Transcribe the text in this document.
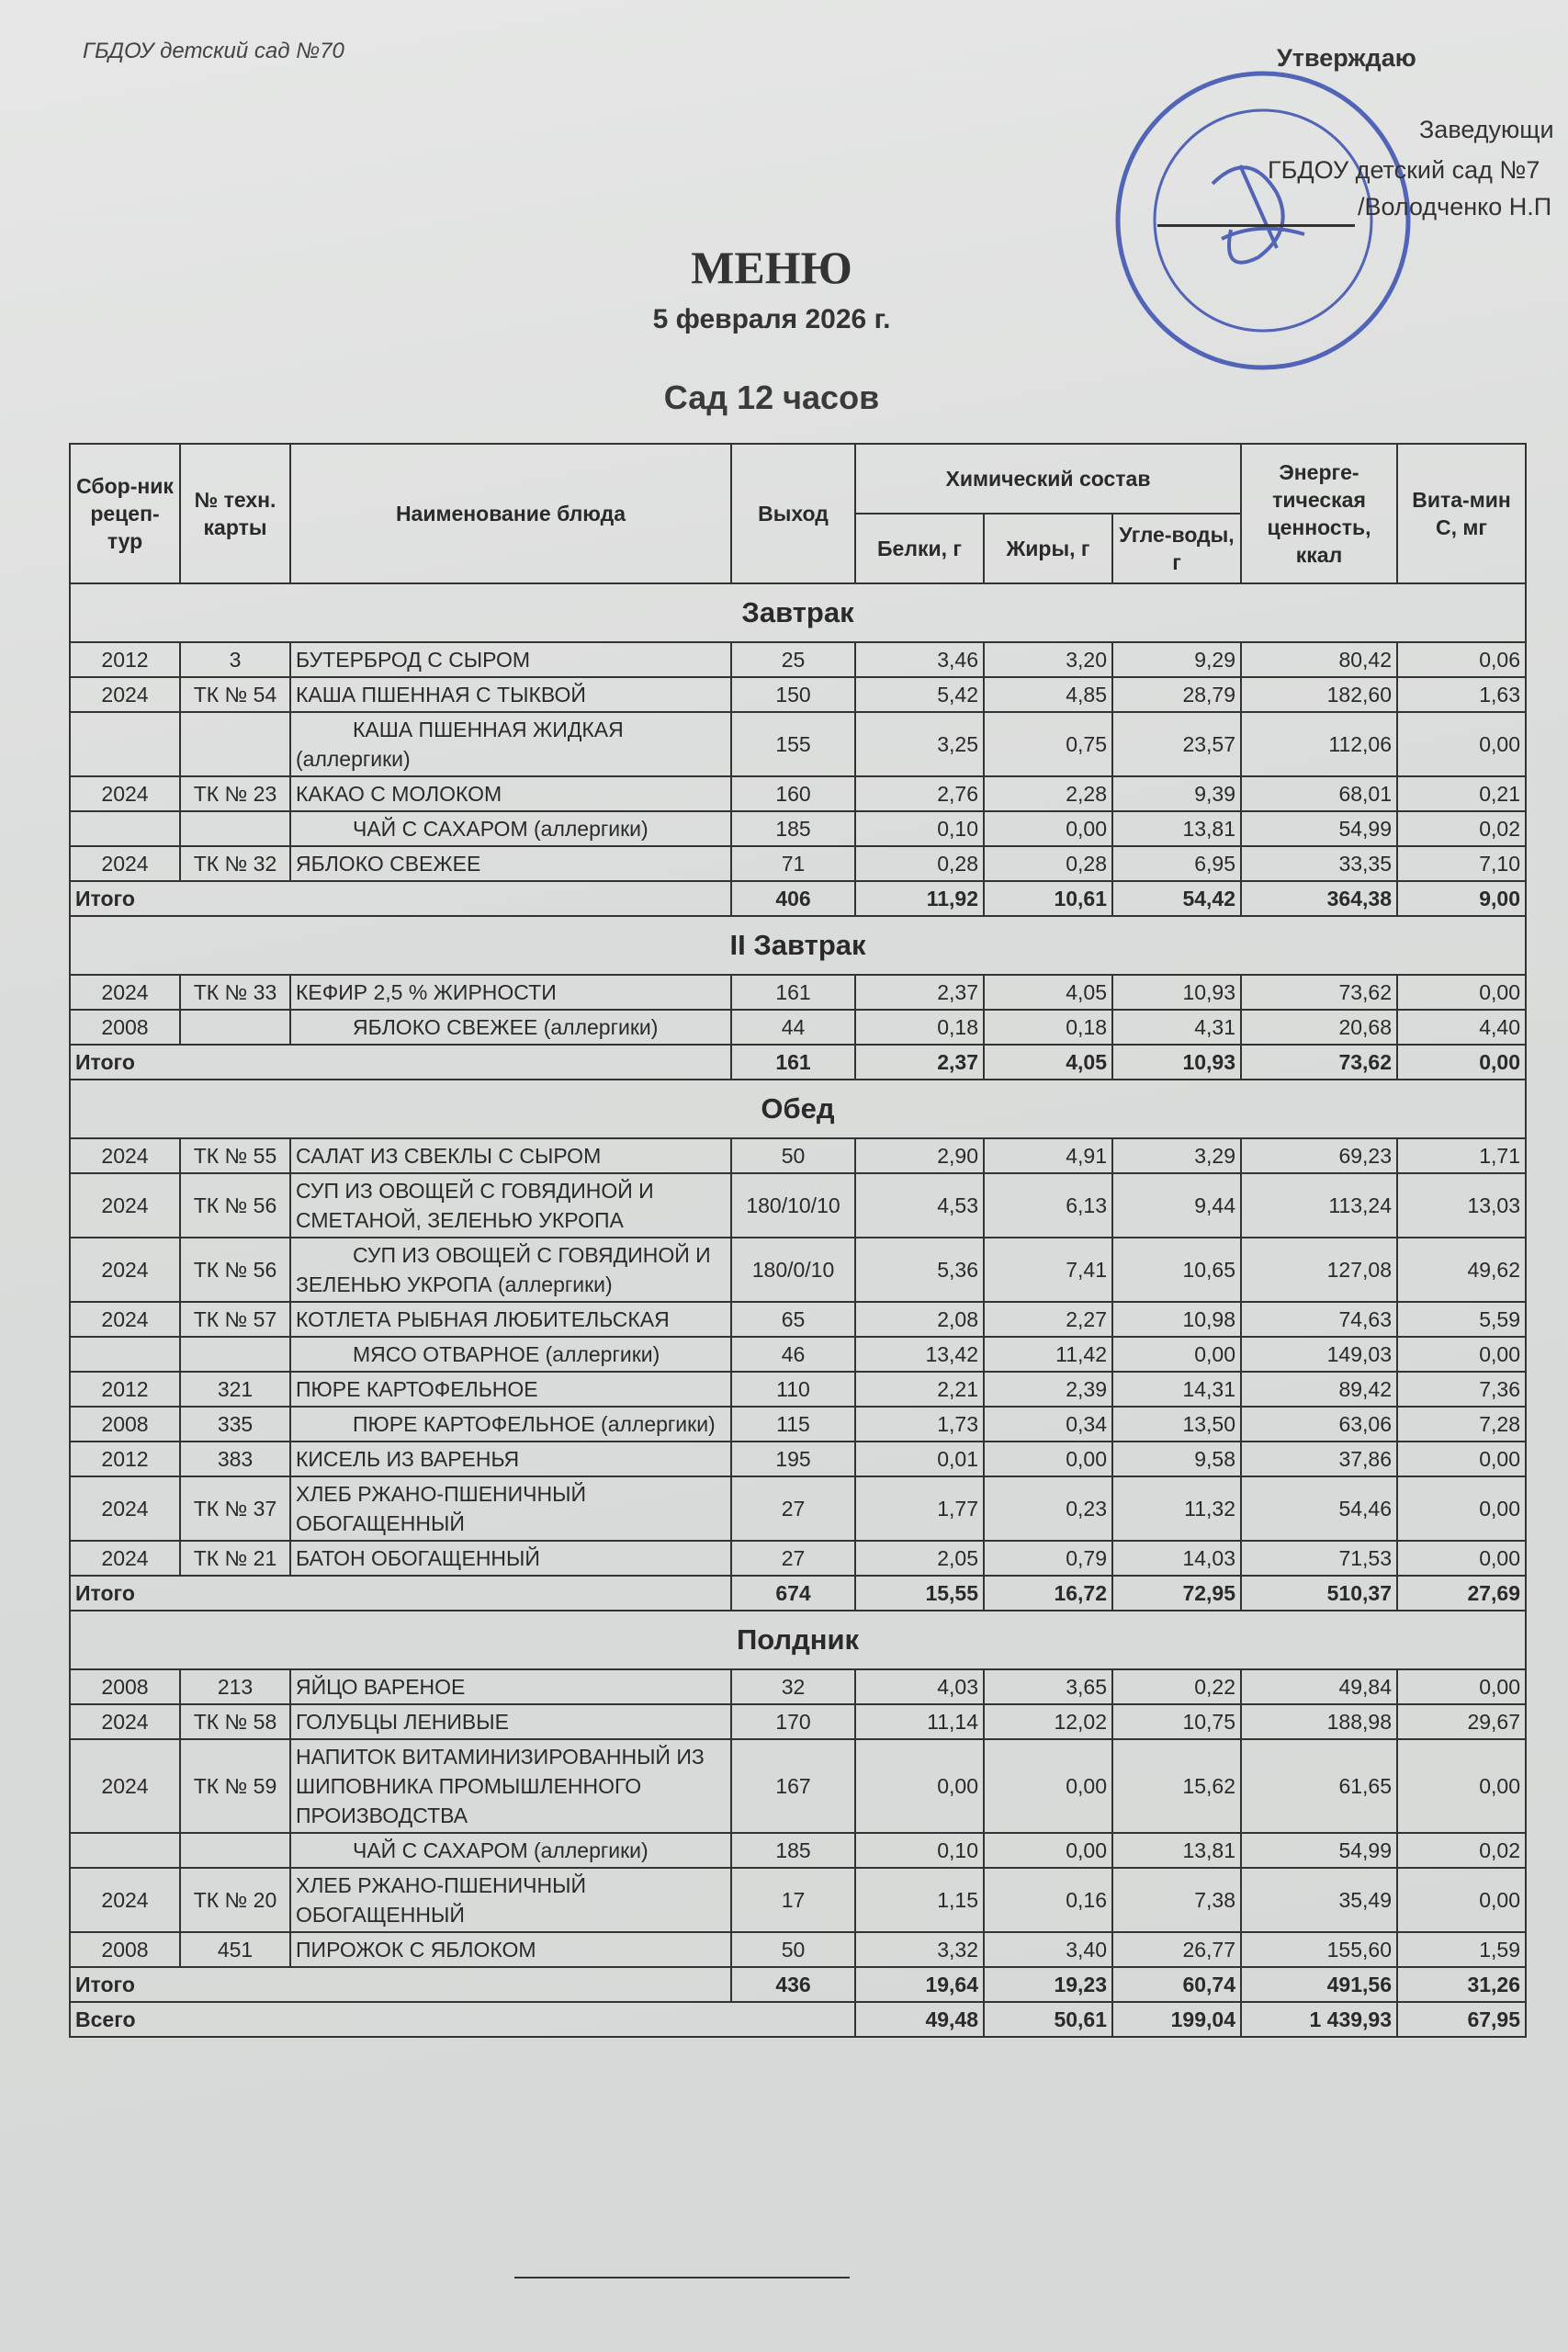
ГБДОУ детский сад №70	Утверждаю
Заведующи
ГБДОУ детский сад №7
/Володченко Н.П
МЕНЮ
5 февраля 2026 г.
Сад 12 часов
Сбор-ник рецеп-тур	№ техн. карты	Наименование блюда	Выход	Химический состав			Энерге-тическая ценность, ккал	Вита-мин С, мг
				Белки, г	Жиры, г	Угле-воды, г		
Завтрак								
2012	3	БУТЕРБРОД С СЫРОМ	25	3,46	3,20	9,29	80,42	0,06
2024	ТК № 54	КАША ПШЕННАЯ С ТЫКВОЙ	150	5,42	4,85	28,79	182,60	1,63
		КАША ПШЕННАЯ ЖИДКАЯ (аллергики)	155	3,25	0,75	23,57	112,06	0,00
2024	ТК № 23	КАКАО С МОЛОКОМ	160	2,76	2,28	9,39	68,01	0,21
		ЧАЙ С САХАРОМ (аллергики)	185	0,10	0,00	13,81	54,99	0,02
2024	ТК № 32	ЯБЛОКО СВЕЖЕЕ	71	0,28	0,28	6,95	33,35	7,10
Итого			406	11,92	10,61	54,42	364,38	9,00
II Завтрак								
2024	ТК № 33	КЕФИР 2,5 % ЖИРНОСТИ	161	2,37	4,05	10,93	73,62	0,00
2008		ЯБЛОКО СВЕЖЕЕ (аллергики)	44	0,18	0,18	4,31	20,68	4,40
Итого			161	2,37	4,05	10,93	73,62	0,00
Обед								
2024	ТК № 55	САЛАТ ИЗ СВЕКЛЫ С СЫРОМ	50	2,90	4,91	3,29	69,23	1,71
2024	ТК № 56	СУП ИЗ ОВОЩЕЙ С ГОВЯДИНОЙ И СМЕТАНОЙ, ЗЕЛЕНЬЮ УКРОПА	180/10/10	4,53	6,13	9,44	113,24	13,03
2024	ТК № 56	СУП ИЗ ОВОЩЕЙ С ГОВЯДИНОЙ И ЗЕЛЕНЬЮ УКРОПА (аллергики)	180/0/10	5,36	7,41	10,65	127,08	49,62
2024	ТК № 57	КОТЛЕТА РЫБНАЯ ЛЮБИТЕЛЬСКАЯ	65	2,08	2,27	10,98	74,63	5,59
		МЯСО ОТВАРНОЕ (аллергики)	46	13,42	11,42	0,00	149,03	0,00
2012	321	ПЮРЕ КАРТОФЕЛЬНОЕ	110	2,21	2,39	14,31	89,42	7,36
2008	335	ПЮРЕ КАРТОФЕЛЬНОЕ (аллергики)	115	1,73	0,34	13,50	63,06	7,28
2012	383	КИСЕЛЬ ИЗ ВАРЕНЬЯ	195	0,01	0,00	9,58	37,86	0,00
2024	ТК № 37	ХЛЕБ РЖАНО-ПШЕНИЧНЫЙ ОБОГАЩЕННЫЙ	27	1,77	0,23	11,32	54,46	0,00
2024	ТК № 21	БАТОН ОБОГАЩЕННЫЙ	27	2,05	0,79	14,03	71,53	0,00
Итого			674	15,55	16,72	72,95	510,37	27,69
Полдник								
2008	213	ЯЙЦО ВАРЕНОЕ	32	4,03	3,65	0,22	49,84	0,00
2024	ТК № 58	ГОЛУБЦЫ ЛЕНИВЫЕ	170	11,14	12,02	10,75	188,98	29,67
2024	ТК № 59	НАПИТОК ВИТАМИНИЗИРОВАННЫЙ ИЗ ШИПОВНИКА ПРОМЫШЛЕННОГО ПРОИЗВОДСТВА	167	0,00	0,00	15,62	61,65	0,00
		ЧАЙ С САХАРОМ (аллергики)	185	0,10	0,00	13,81	54,99	0,02
2024	ТК № 20	ХЛЕБ РЖАНО-ПШЕНИЧНЫЙ ОБОГАЩЕННЫЙ	17	1,15	0,16	7,38	35,49	0,00
2008	451	ПИРОЖОК С ЯБЛОКОМ	50	3,32	3,40	26,77	155,60	1,59
Итого			436	19,64	19,23	60,74	491,56	31,26
Всего				49,48	50,61	199,04	1 439,93	67,95
